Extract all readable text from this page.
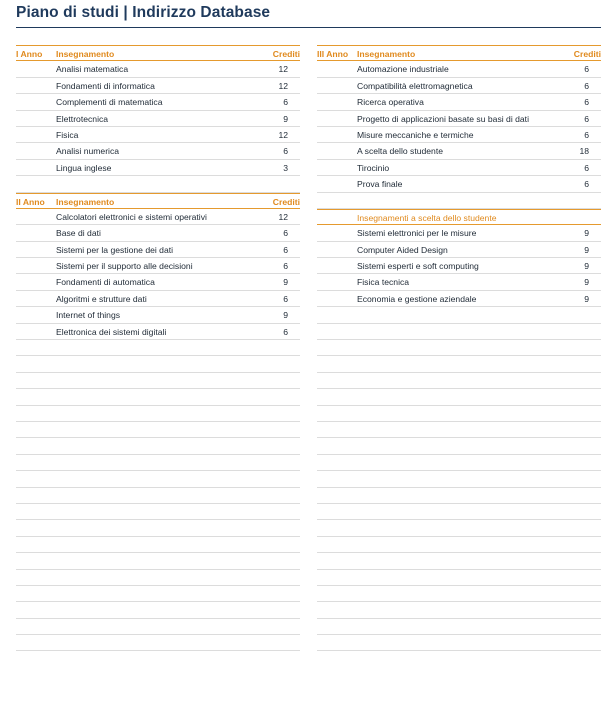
Piano di studi | Indirizzo Database
I Anno Insegnamento	Crediti
Analisi matematica	12
Fondamenti di informatica	12
Complementi di matematica	6
Elettrotecnica	9
Fisica	12
Analisi numerica	6
Lingua inglese	3
II Anno Insegnamento	Crediti
Calcolatori elettronici e sistemi operativi	12
Base di dati	6
Sistemi per la gestione dei dati	6
Sistemi per il supporto alle decisioni	6
Fondamenti di automatica	9
Algoritmi e strutture dati	6
Internet of things	9
Elettronica dei sistemi digitali	6
III Anno Insegnamento	Crediti
Automazione industriale	6
Compatibilità elettromagnetica	6
Ricerca operativa	6
Progetto di applicazioni basate su basi di dati	6
Misure meccaniche e termiche	6
A scelta dello studente	18
Tirocinio	6
Prova finale	6
Insegnamenti a scelta dello studente
Sistemi elettronici per le misure	9
Computer Aided Design	9
Sistemi esperti e soft computing	9
Fisica tecnica	9
Economia e gestione aziendale	9
